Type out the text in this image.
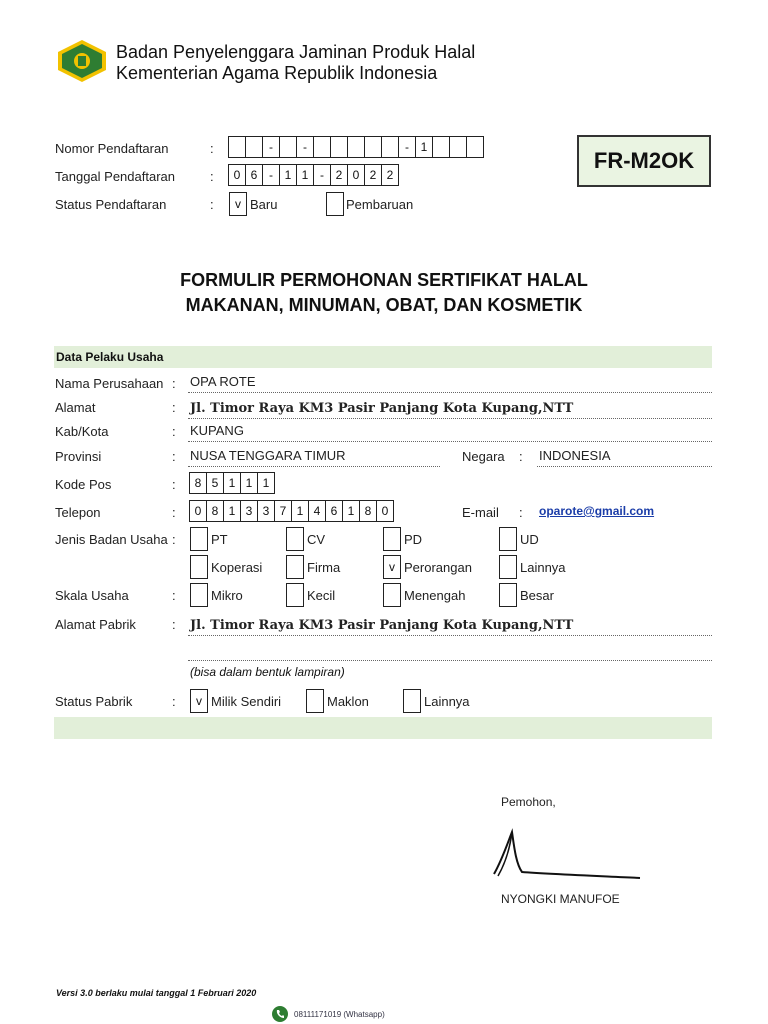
Badan Penyelenggara Jaminan Produk Halal
Kementerian Agama Republik Indonesia
Nomor Pendaftaran	:	-	-	- 1
Tanggal Pendaftaran	:	0 6 - 1 1 - 2 0 2 2
Status Pendaftaran	:	v Baru	Pembaruan
FR-M2OK
FORMULIR PERMOHONAN SERTIFIKAT HALAL
MAKANAN, MINUMAN, OBAT, DAN KOSMETIK
Data Pelaku Usaha
Nama Perusahaan : OPA ROTE
Alamat	: Jl. Timor Raya KM3 Pasir Panjang Kota Kupang,NTT
Kab/Kota	: KUPANG
Provinsi	: NUSA TENGGARA TIMUR	Negara : INDONESIA
Kode Pos	:	8 5 1 1 1
Telepon	:	0 8 1 3 3 7 1 4 6 1 8 0	E-mail : oparote@gmail.com
Jenis Badan Usaha :	PT	CV	PD	UD
Koperasi	Firma	v Perorangan	Lainnya
Skala Usaha	:	Mikro	Kecil	Menengah	Besar
Alamat Pabrik	: Jl. Timor Raya KM3 Pasir Panjang Kota Kupang,NTT
(bisa dalam bentuk lampiran)
Status Pabrik	:	v Milik Sendiri	Maklon	Lainnya
Pemohon,
NYONGKI MANUFOE
Versi 3.0 berlaku mulai tanggal 1 Februari 2020
08111171019 (Whatsapp)
